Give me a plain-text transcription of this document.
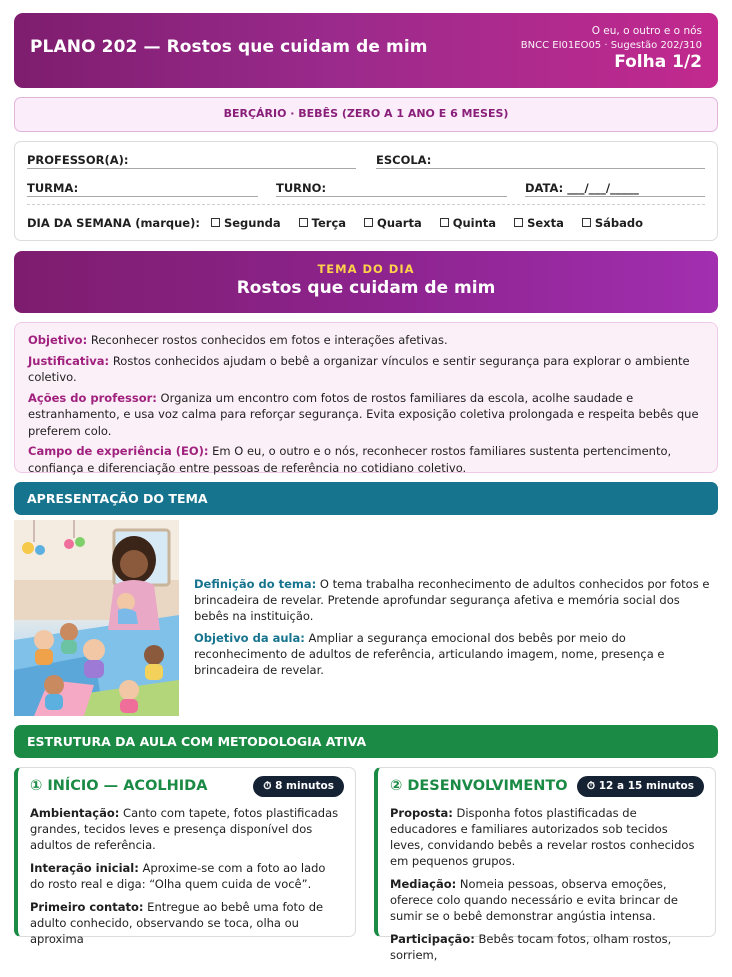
PLANO 202 — Rostos que cuidam de mim
O eu, o outro e o nós
BNCC EI01EO05 · Sugestão 202/310
Folha 1/2
BERÇÁRIO · BEBÊS (ZERO A 1 ANO E 6 MESES)
PROFESSOR(A):	ESCOLA:
TURMA:	TURNO:	DATA: ___/___/_____
DIA DA SEMANA (marque): Segunda	Terça	Quarta	Quinta	Sexta	Sábado
TEMA DO DIA
Rostos que cuidam de mim

Objetivo: Reconhecer rostos conhecidos em fotos e interações afetivas.

Justificativa: Rostos conhecidos ajudam o bebê a organizar vínculos e sentir segurança para explorar o ambiente coletivo.

Ações do professor: Organiza um encontro com fotos de rostos familiares da escola, acolhe saudade e estranhamento, e usa voz calma para reforçar segurança. Evita exposição coletiva prolongada e respeita bebês que preferem colo.

Campo de experiência (EO): Em O eu, o outro e o nós, reconhecer rostos familiares sustenta pertencimento, confiança e diferenciação entre pessoas de referência no cotidiano coletivo.

APRESENTAÇÃO DO TEMA

Definição do tema: O tema trabalha reconhecimento de adultos conhecidos por fotos e brincadeira de revelar. Pretende aprofundar segurança afetiva e memória social dos bebês na instituição.

Objetivo da aula: Ampliar a segurança emocional dos bebês por meio do reconhecimento de adultos de referência, articulando imagem, nome, presença e brincadeira de revelar.

ESTRUTURA DA AULA COM METODOLOGIA ATIVA
① INÍCIO — ACOLHIDA	⏱ 8 minutos

Ambientação: Canto com tapete, fotos plastificadas grandes, tecidos leves e presença disponível dos adultos de referência.

Interação inicial: Aproxime-se com a foto ao lado do rosto real e diga: “Olha quem cuida de você”.

Primeiro contato: Entregue ao bebê uma foto de adulto conhecido, observando se toca, olha ou aproxima

② DESENVOLVIMENTO	⏱ 12 a 15 minutos

Proposta: Disponha fotos plastificadas de educadores e familiares autorizados sob tecidos leves, convidando bebês a revelar rostos conhecidos em pequenos grupos.

Mediação: Nomeia pessoas, observa emoções, oferece colo quando necessário e evita brincar de sumir se o bebê demonstrar angústia intensa.

Participação: Bebês tocam fotos, olham rostos, sorriem,
